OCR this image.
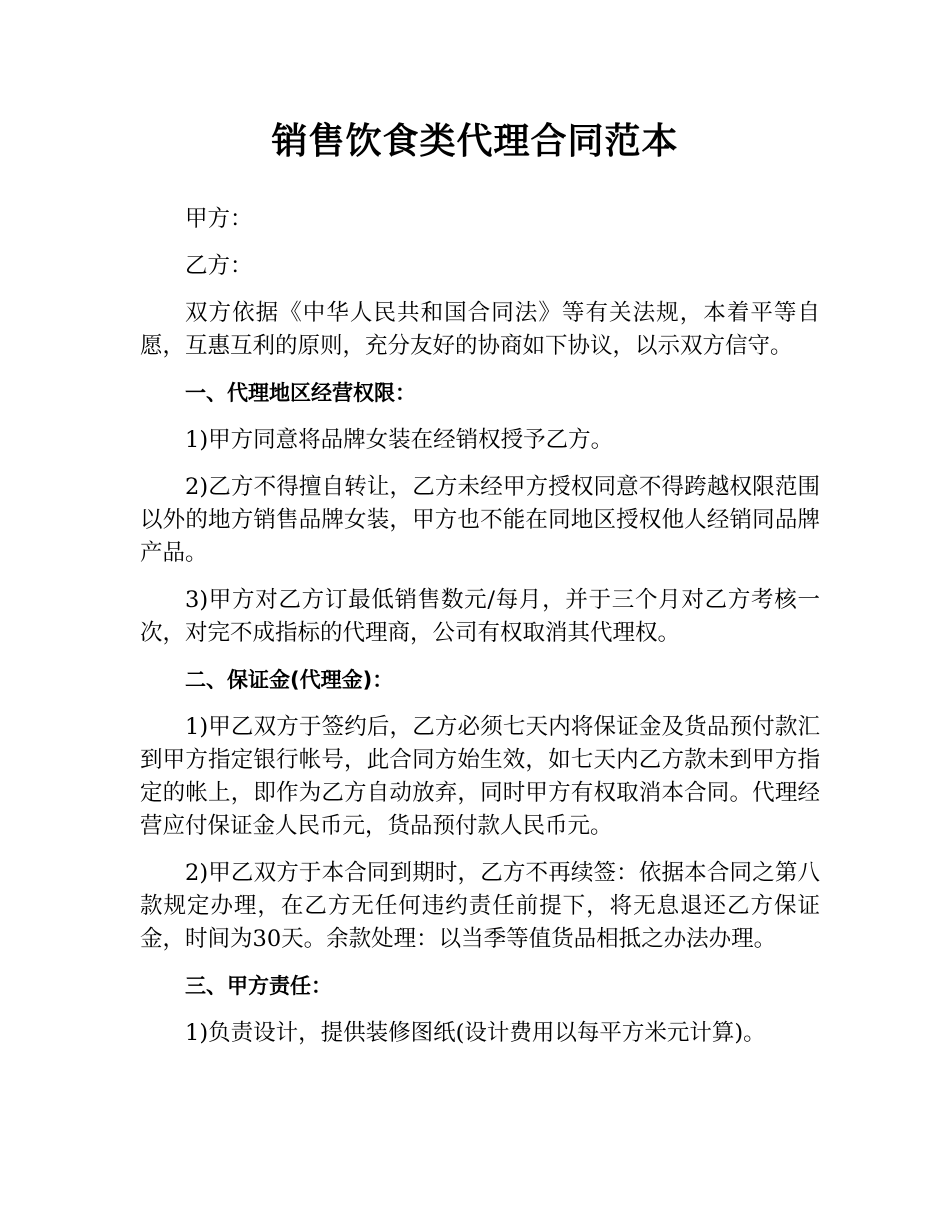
销售饮食类代理合同范本

甲方：

乙方：

双方依据《中华人民共和国合同法》等有关法规，本着平等自愿，互惠互利的原则，充分友好的协商如下协议，以示双方信守。

一、代理地区经营权限：

1)甲方同意将品牌女装在经销权授予乙方。

2)乙方不得擅自转让，乙方未经甲方授权同意不得跨越权限范围以外的地方销售品牌女装，甲方也不能在同地区授权他人经销同品牌产品。

3)甲方对乙方订最低销售数元/每月，并于三个月对乙方考核一次，对完不成指标的代理商，公司有权取消其代理权。

二、保证金(代理金)：

1)甲乙双方于签约后，乙方必须七天内将保证金及货品预付款汇到甲方指定银行帐号，此合同方始生效，如七天内乙方款未到甲方指定的帐上，即作为乙方自动放弃，同时甲方有权取消本合同。代理经营应付保证金人民币元，货品预付款人民币元。

2)甲乙双方于本合同到期时，乙方不再续签：依据本合同之第八款规定办理，在乙方无任何违约责任前提下，将无息退还乙方保证金，时间为30天。余款处理：以当季等值货品相抵之办法办理。

三、甲方责任：

1)负责设计，提供装修图纸(设计费用以每平方米元计算)。
